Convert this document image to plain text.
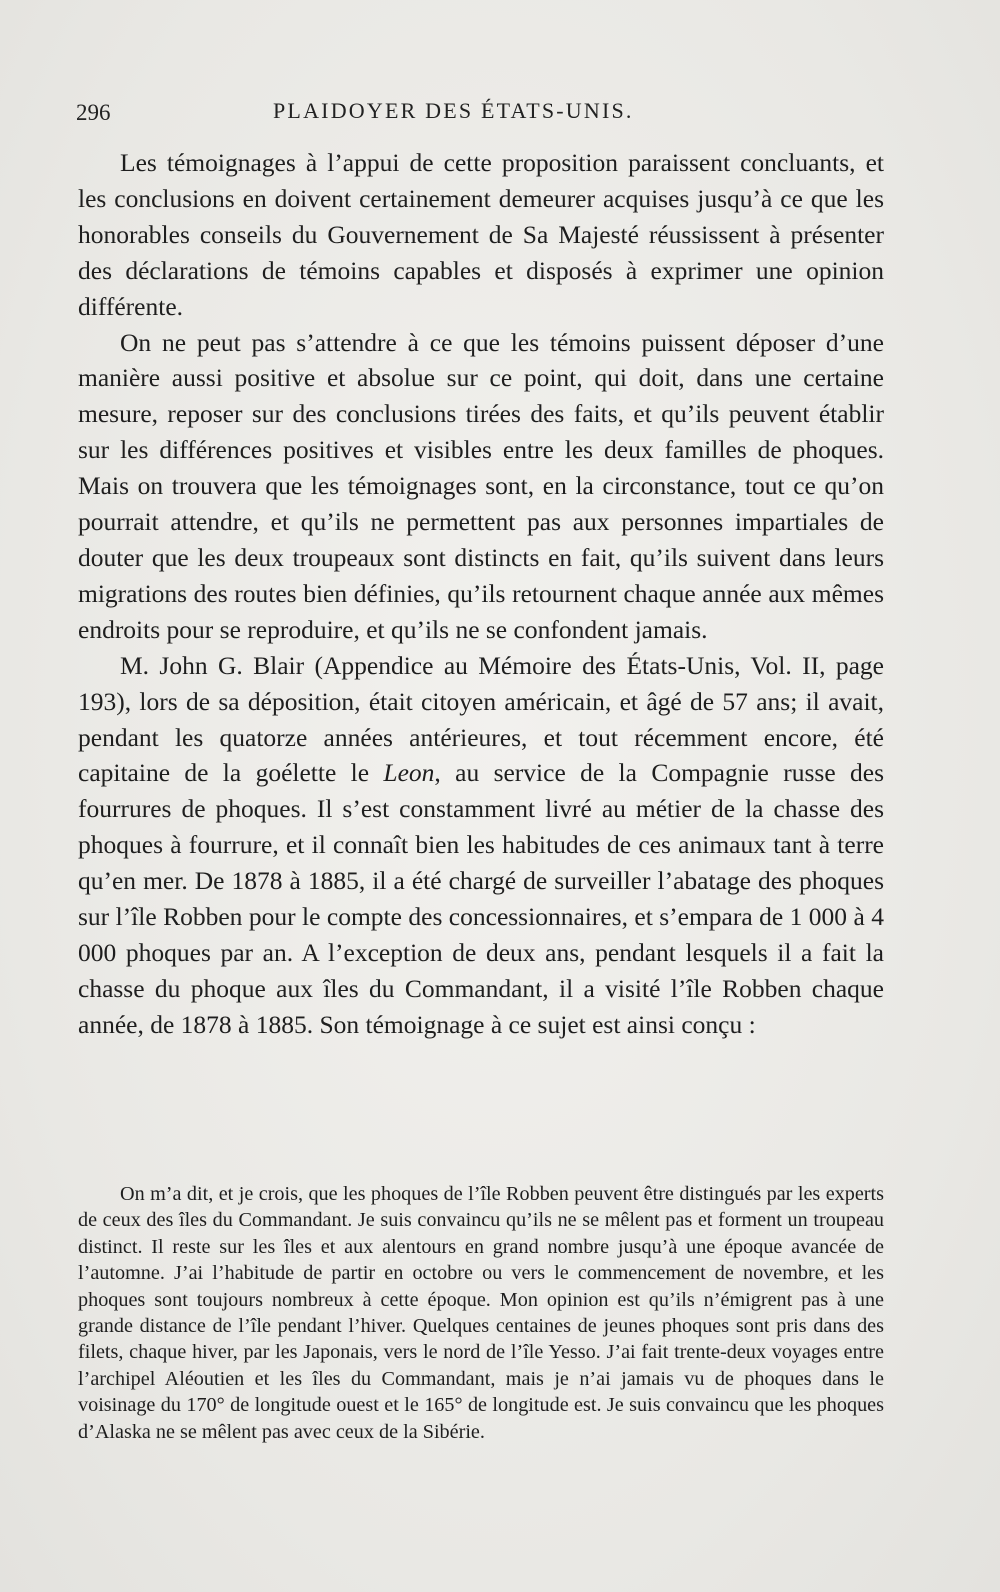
296	PLAIDOYER DES ÉTATS-UNIS.

Les témoignages à l’appui de cette proposition paraissent concluants, et les conclusions en doivent certainement demeurer acquises jusqu’à ce que les honorables conseils du Gouvernement de Sa Majesté réussissent à présenter des déclarations de témoins capables et disposés à exprimer une opinion différente.

On ne peut pas s’attendre à ce que les témoins puissent déposer d’une manière aussi positive et absolue sur ce point, qui doit, dans une certaine mesure, reposer sur des conclusions tirées des faits, et qu’ils peuvent établir sur les différences positives et visibles entre les deux familles de phoques. Mais on trouvera que les témoignages sont, en la circonstance, tout ce qu’on pourrait attendre, et qu’ils ne permettent pas aux personnes impartiales de douter que les deux troupeaux sont distincts en fait, qu’ils suivent dans leurs migrations des routes bien définies, qu’ils retournent chaque année aux mêmes endroits pour se reproduire, et qu’ils ne se confondent jamais.

M. John G. Blair (Appendice au Mémoire des États-Unis, Vol. II, page 193), lors de sa déposition, était citoyen américain, et âgé de 57 ans; il avait, pendant les quatorze années antérieures, et tout récemment encore, été capitaine de la goélette le Leon, au service de la Compagnie russe des fourrures de phoques. Il s’est constamment livré au métier de la chasse des phoques à fourrure, et il connaît bien les habitudes de ces animaux tant à terre qu’en mer. De 1878 à 1885, il a été chargé de surveiller l’abatage des phoques sur l’île Robben pour le compte des concessionnaires, et s’empara de 1 000 à 4 000 phoques par an. A l’exception de deux ans, pendant lesquels il a fait la chasse du phoque aux îles du Commandant, il a visité l’île Robben chaque année, de 1878 à 1885. Son témoignage à ce sujet est ainsi conçu :

On m’a dit, et je crois, que les phoques de l’île Robben peuvent être distingués par les experts de ceux des îles du Commandant. Je suis convaincu qu’ils ne se mêlent pas et forment un troupeau distinct. Il reste sur les îles et aux alentours en grand nombre jusqu’à une époque avancée de l’automne. J’ai l’habitude de partir en octobre ou vers le commencement de novembre, et les phoques sont toujours nombreux à cette époque. Mon opinion est qu’ils n’émigrent pas à une grande distance de l’île pendant l’hiver. Quelques centaines de jeunes phoques sont pris dans des filets, chaque hiver, par les Japonais, vers le nord de l’île Yesso. J’ai fait trente-deux voyages entre l’archipel Aléoutien et les îles du Commandant, mais je n’ai jamais vu de phoques dans le voisinage du 170° de longitude ouest et le 165° de longitude est. Je suis convaincu que les phoques d’Alaska ne se mêlent pas avec ceux de la Sibérie.
